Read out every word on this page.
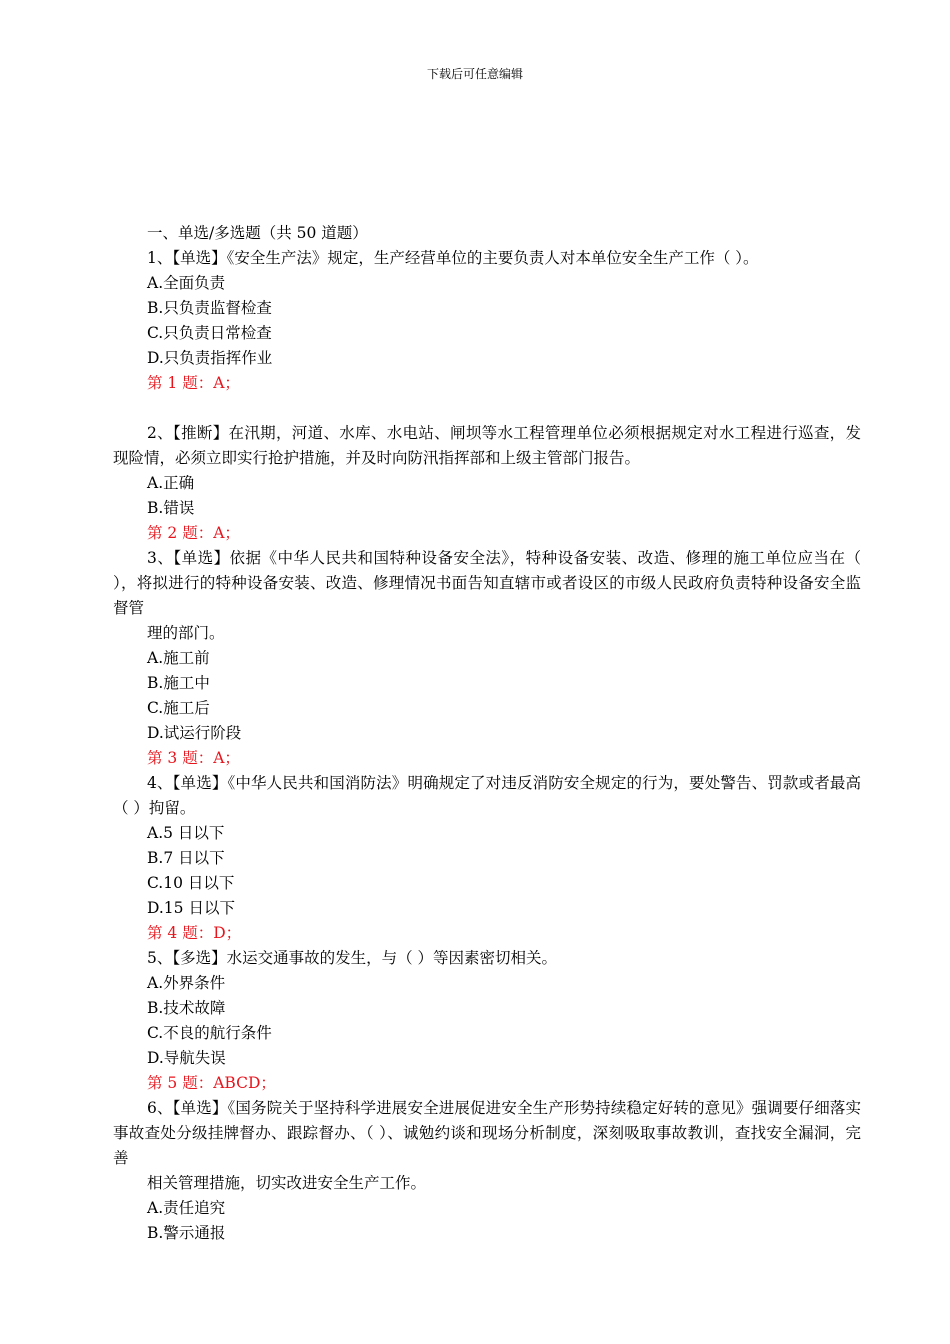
下载后可任意编辑

一、单选/多选题（共 50 道题）

1、【单选】《安全生产法》规定，生产经营单位的主要负责人对本单位安全生产工作（ ）。

A.全面负责

B.只负责监督检查

C.只负责日常检查

D.只负责指挥作业

第 1 题：A；

2、【推断】在汛期，河道、水库、水电站、闸坝等水工程管理单位必须根据规定对水工程进行巡查，发现险情，必须立即实行抢护措施，并及时向防汛指挥部和上级主管部门报告。

A.正确

B.错误

第 2 题：A；

3、【单选】依据《中华人民共和国特种设备安全法》，特种设备安装、改造、修理的施工单位应当在（ ），将拟进行的特种设备安装、改造、修理情况书面告知直辖市或者设区的市级人民政府负责特种设备安全监督管

理的部门。

A.施工前

B.施工中

C.施工后

D.试运行阶段

第 3 题：A；

4、【单选】《中华人民共和国消防法》明确规定了对违反消防安全规定的行为，要处警告、罚款或者最高（ ）拘留。

A.5 日以下

B.7 日以下

C.10 日以下

D.15 日以下

第 4 题：D；

5、【多选】水运交通事故的发生，与（ ）等因素密切相关。

A.外界条件

B.技术故障

C.不良的航行条件

D.导航失误

第 5 题：ABCD；

6、【单选】《国务院关于坚持科学进展安全进展促进安全生产形势持续稳定好转的意见》强调要仔细落实事故查处分级挂牌督办、跟踪督办、（ ）、诚勉约谈和现场分析制度，深刻吸取事故教训，查找安全漏洞，完善

相关管理措施，切实改进安全生产工作。

A.责任追究

B.警示通报
